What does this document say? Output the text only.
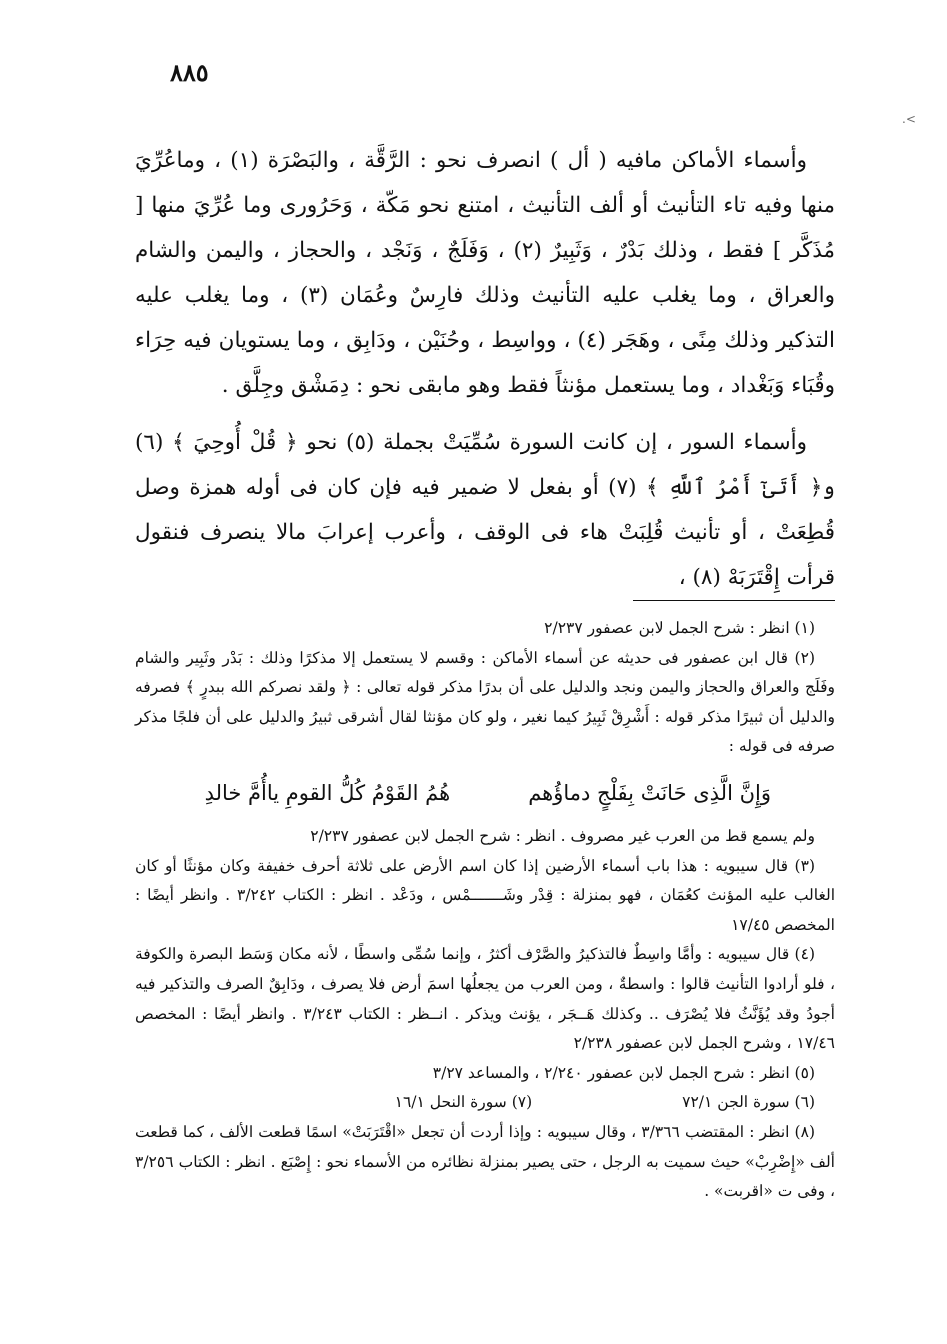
٨٨٥
>.

وأسماء الأماكن مافيه ( أل ) انصرف نحو : الرَّقَّة ، والبَصْرَة (١) ، وماعُرِّيَ منها وفيه تاء التأنيث أو ألف التأنيث ، امتنع نحو مَكّة ، وَحَرُورى وما عُرِّيَ منها [ مُذَكَّر ] فقط ، وذلك بَدْرٌ ، وَثَبِيرٌ (٢) ، وَفَلَجٌ ، وَنَجْد ، والحجاز ، واليمن والشام والعراق ، وما يغلب عليه التأنيث وذلك فارِسٌ وعُمَان (٣) ، وما يغلب عليه التذكير وذلك مِنًى ، وهَجَر (٤) ، وواسِط ، وحُنَيْن ، ودَابِق ، وما يستويان فيه حِرَاء وقُبَاء وَبَغْداد ، وما يستعمل مؤنثاً فقط وهو مابقى نحو : دِمَشْق وجِلَّق .

وأسماء السور ، إن كانت السورة سُمِّيَتْ بجملة (٥) نحو ﴿ قُلْ أُوحِيَ ﴾ (٦) و﴿ أَتَىٰٓ أَمْرُ ٱللَّهِ ﴾ (٧) أو بفعل لا ضمير فيه فإن كان فى أوله همزة وصل قُطِعَتْ ، أو تأنيث قُلِبَتْ هاء فى الوقف ، وأعرب إعرابَ مالا ينصرف فنقول قرأت إِقْتَرَبَهْ (٨) ،

(١) انظر : شرح الجمل لابن عصفور ٢/٢٣٧

(٢) قال ابن عصفور فى حديثه عن أسماء الأماكن : وقسم لا يستعمل إلا مذكرًا وذلك : بَدْر وثَبِير والشام وفَلَج والعراق والحجاز واليمن ونجد والدليل على أن بدرًا مذكر قوله تعالى : ﴿ ولقد نصركم الله ببدرٍ ﴾ فصرفه والدليل أن ثبيرًا مذكر قوله : أَشْرِقْ ثَبِيرُ كيما نغير ، ولو كان مؤنثا لقال أشرقى ثبيرُ والدليل على أن فلجًا مذكر صرفه فى قوله :

وَإِنَّ الَّذِى حَانَتْ بِفَلْجٍ دماؤُهم
هُمُ القَوْمُ كُلُّ القومِ ياأُمَّ خالدِ

ولم يسمع قط من العرب غير مصروف . انظر : شرح الجمل لابن عصفور ٢/٢٣٧

(٣) قال سيبويه : هذا باب أسماء الأرضين إذا كان اسم الأرض على ثلاثة أحرف خفيفة وكان مؤنثًا أو كان الغالب عليه المؤنث كعُمَان ، فهو بمنزلة : قِدْر وشَـــــــمْس ، ودَعْد . انظر : الكتاب ٣/٢٤٢ . وانظر أيضًا : المخصص ١٧/٤٥

(٤) قال سيبويه : وأمَّا واسِطٌ فالتذكيرُ والصَّرْف أكثرُ ، وإنما سُمِّى واسطًا ، لأنه مكان وَسَط البصرة والكوفة ، فلو أرادوا التأنيث قالوا : واسطةٌ ، ومن العرب من يجعلُها اسمَ أرض فلا يصرف ، ودَابِقٌ الصرف والتذكير فيه أجودُ وقد يُؤَنَّثُ فلا يُصْرَف .. وكذلك هَــجَر ، يؤنث ويذكر . انــظر : الكتاب ٣/٢٤٣ . وانظر أيضًا : المخصص ١٧/٤٦ ، وشرح الجمل لابن عصفور ٢/٢٣٨

(٥) انظر : شرح الجمل لابن عصفور ٢/٢٤٠ ، والمساعد ٣/٢٧

(٦) سورة الجن ٧٢/١
(٧) سورة النحل ١٦/١

(٨) انظر : المقتضب ٣/٣٦٦ ، وقال سيبويه : وإذا أردت أن تجعل «اقْتَرَبَتْ» اسمًا قطعت الألف ، كما قطعت ألف «إِضْرِبْ» حيث سميت به الرجل ، حتى يصير بمنزلة نظائره من الأسماء نحو : إِصْبَع . انظر : الكتاب ٣/٢٥٦ ، وفى ت «اقربت» .
